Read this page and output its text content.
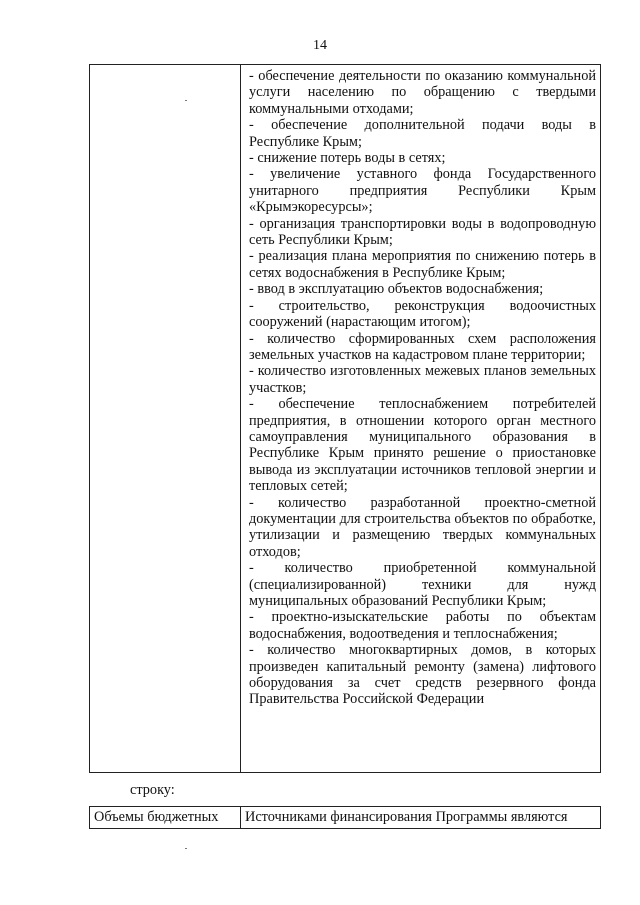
14

- обеспечение деятельности по оказанию коммунальной услуги населению по обращению с твердыми коммунальными отходами;
- обеспечение дополнительной подачи воды в Республике Крым;
- снижение потерь воды в сетях;
- увеличение уставного фонда Государственного унитарного предприятия Республики Крым «Крымэкоресурсы»;
- организация транспортировки воды в водопроводную сеть Республики Крым;
- реализация плана мероприятия по снижению потерь в сетях водоснабжения в Республике Крым;
- ввод в эксплуатацию объектов водоснабжения;
- строительство, реконструкция водоочистных сооружений (нарастающим итогом);
- количество сформированных схем расположения земельных участков на кадастровом плане территории;
- количество изготовленных межевых планов земельных участков;
- обеспечение теплоснабжением потребителей предприятия, в отношении которого орган местного самоуправления муниципального образования в Республике Крым принято решение о приостановке вывода из эксплуатации источников тепловой энергии и тепловых сетей;
- количество разработанной проектно-сметной документации для строительства объектов по обработке, утилизации и размещению твердых коммунальных отходов;
- количество приобретенной коммунальной (специализированной) техники для нужд муниципальных образований Республики Крым;
- проектно-изыскательские работы по объектам водоснабжения, водоотведения и теплоснабжения;
- количество многоквартирных домов, в которых произведен капитальный ремонту (замена) лифтового оборудования за счет средств резервного фонда Правительства Российской Федерации
строку:
Объемы бюджетных	Источниками финансирования Программы являются
